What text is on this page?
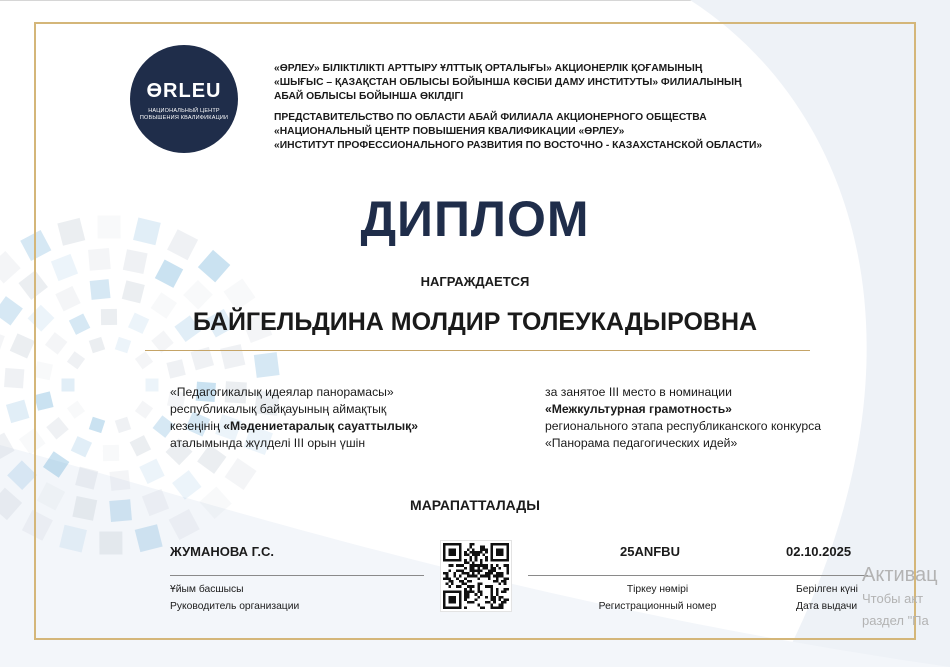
ӨRLEU
НАЦИОНАЛЬНЫЙ ЦЕНТР
ПОВЫШЕНИЯ КВАЛИФИКАЦИИ
«ӨРЛЕУ» БІЛІКТІЛІКТІ АРТТЫРУ ҰЛТТЫҚ ОРТАЛЫҒЫ» АКЦИОНЕРЛІК ҚОҒАМЫНЫҢ
«ШЫҒЫС – ҚАЗАҚСТАН ОБЛЫСЫ БОЙЫНША КӘСІБИ ДАМУ ИНСТИТУТЫ» ФИЛИАЛЫНЫҢ
АБАЙ ОБЛЫСЫ БОЙЫНША ӨКІЛДІГІ
ПРЕДСТАВИТЕЛЬСТВО ПО ОБЛАСТИ АБАЙ ФИЛИАЛА АКЦИОНЕРНОГО ОБЩЕСТВА
«НАЦИОНАЛЬНЫЙ ЦЕНТР ПОВЫШЕНИЯ КВАЛИФИКАЦИИ «ӨРЛЕУ»
«ИНСТИТУТ ПРОФЕССИОНАЛЬНОГО РАЗВИТИЯ ПО ВОСТОЧНО - КАЗАХСТАНСКОЙ ОБЛАСТИ»
ДИПЛОМ
НАГРАЖДАЕТСЯ
БАЙГЕЛЬДИНА МОЛДИР ТОЛЕУКАДЫРОВНА
«Педагогикалық идеялар панорамасы»
республикалық байқауының аймақтық
кезеңінің «Мәдениетаралық сауаттылық»
аталымында жүлделі III орын үшін
за занятое III место в номинации
«Межкультурная грамотность»
регионального этапа республиканского конкурса
«Панорама педагогических идей»
МАРАПАТТАЛАДЫ
ЖУМАНОВА Г.С.	25ANFBU	02.10.2025
Ұйым басшысы
Руководитель организации
Тіркеу нөмірі
Регистрационный номер
Берілген күні
Дата выдачи
Активац
Чтобы акт
раздел "Па
